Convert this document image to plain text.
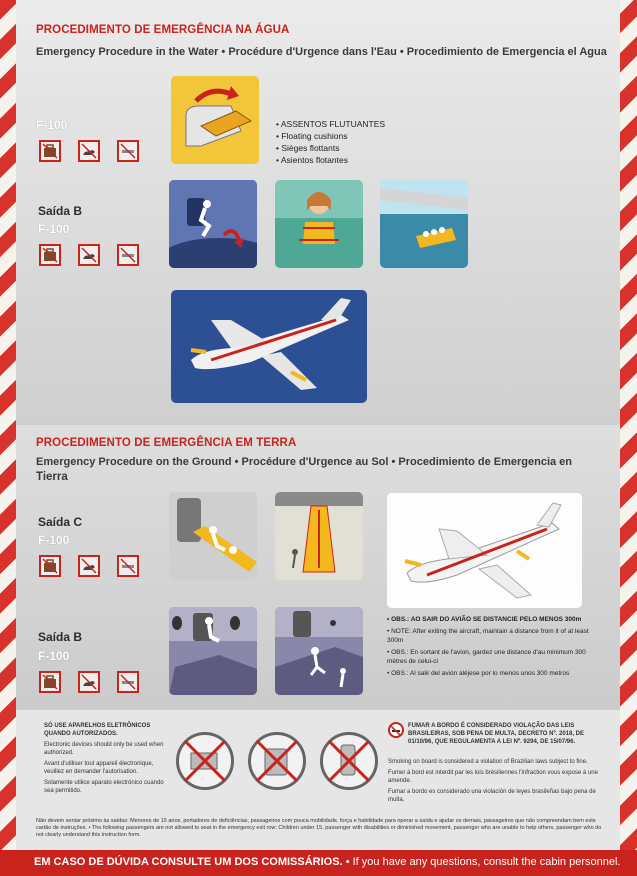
PROCEDIMENTO DE EMERGÊNCIA NA ÁGUA
Emergency Procedure in the Water • Procédure d'Urgence dans l'Eau • Procedimiento de Emergencia el Agua
F-100	• ASSENTOS FLUTUANTES
• Floating cushions
• Sièges flottants
• Asientos flotantes
Saída B
F-100
PROCEDIMENTO DE EMERGÊNCIA EM TERRA
Emergency Procedure on the Ground • Procédure d'Urgence au Sol • Procedimiento de Emergencia en
Tierra
Saída C
F-100
Saída B
F-100
• OBS.: AO SAIR DO AVIÃO SE DISTANCIE PELO MENOS 300m
• NOTE: After exiting the aircraft, maintain a distance from it of at least 300m
• OBS.: En sortant de l'avion, gardez une distance d'au minimum 300 mètres de celui-ci
• OBS.: Al salir del avión aléjese por lo menos unos 300 metros
SÓ USE APARELHOS ELETRÔNICOS QUANDO AUTORIZADOS.
Electronic devices should only be used when authorized.
Avant d'utiliser tout appareil électronique, veuillez en demander l'autorisation.
Solamente utilice aparato electrónico cuando sea permitido.
FUMAR A BORDO É CONSIDERADO VIOLAÇÃO DAS LEIS BRASILEIRAS, SOB PENA DE MULTA, DECRETO Nº. 2018, DE 01/10/96, QUE REGULAMENTA A LEI Nº. 9294, DE 15/07/96.
Smoking on board is considered a violation of Brazilian laws subject to fine.
Fumer à bord est interdit par les lois brésiliennes l'infraction vous expose à une amende.
Fumar a bordo es considerado una violación de leyes brasileñas bajo pena de multa.
Não devem sentar próximo às saídas: Menores de 15 anos, portadores de deficiências, passageiros com pouca mobilidade, força e habilidade para operar a saída e ajudar os demais, passageiros que não compreendam bem este cartão de instruções. • The following passengers are not allowed to seat in the emergency exit row: Children under 15, passenger with disabilities or diminished movement, passenger who are unable to help others, passenger who do not clearly understand this instruction form.
EM CASO DE DÚVIDA CONSULTE UM DOS COMISSÁRIOS. • If you have any questions, consult the cabin personnel.
